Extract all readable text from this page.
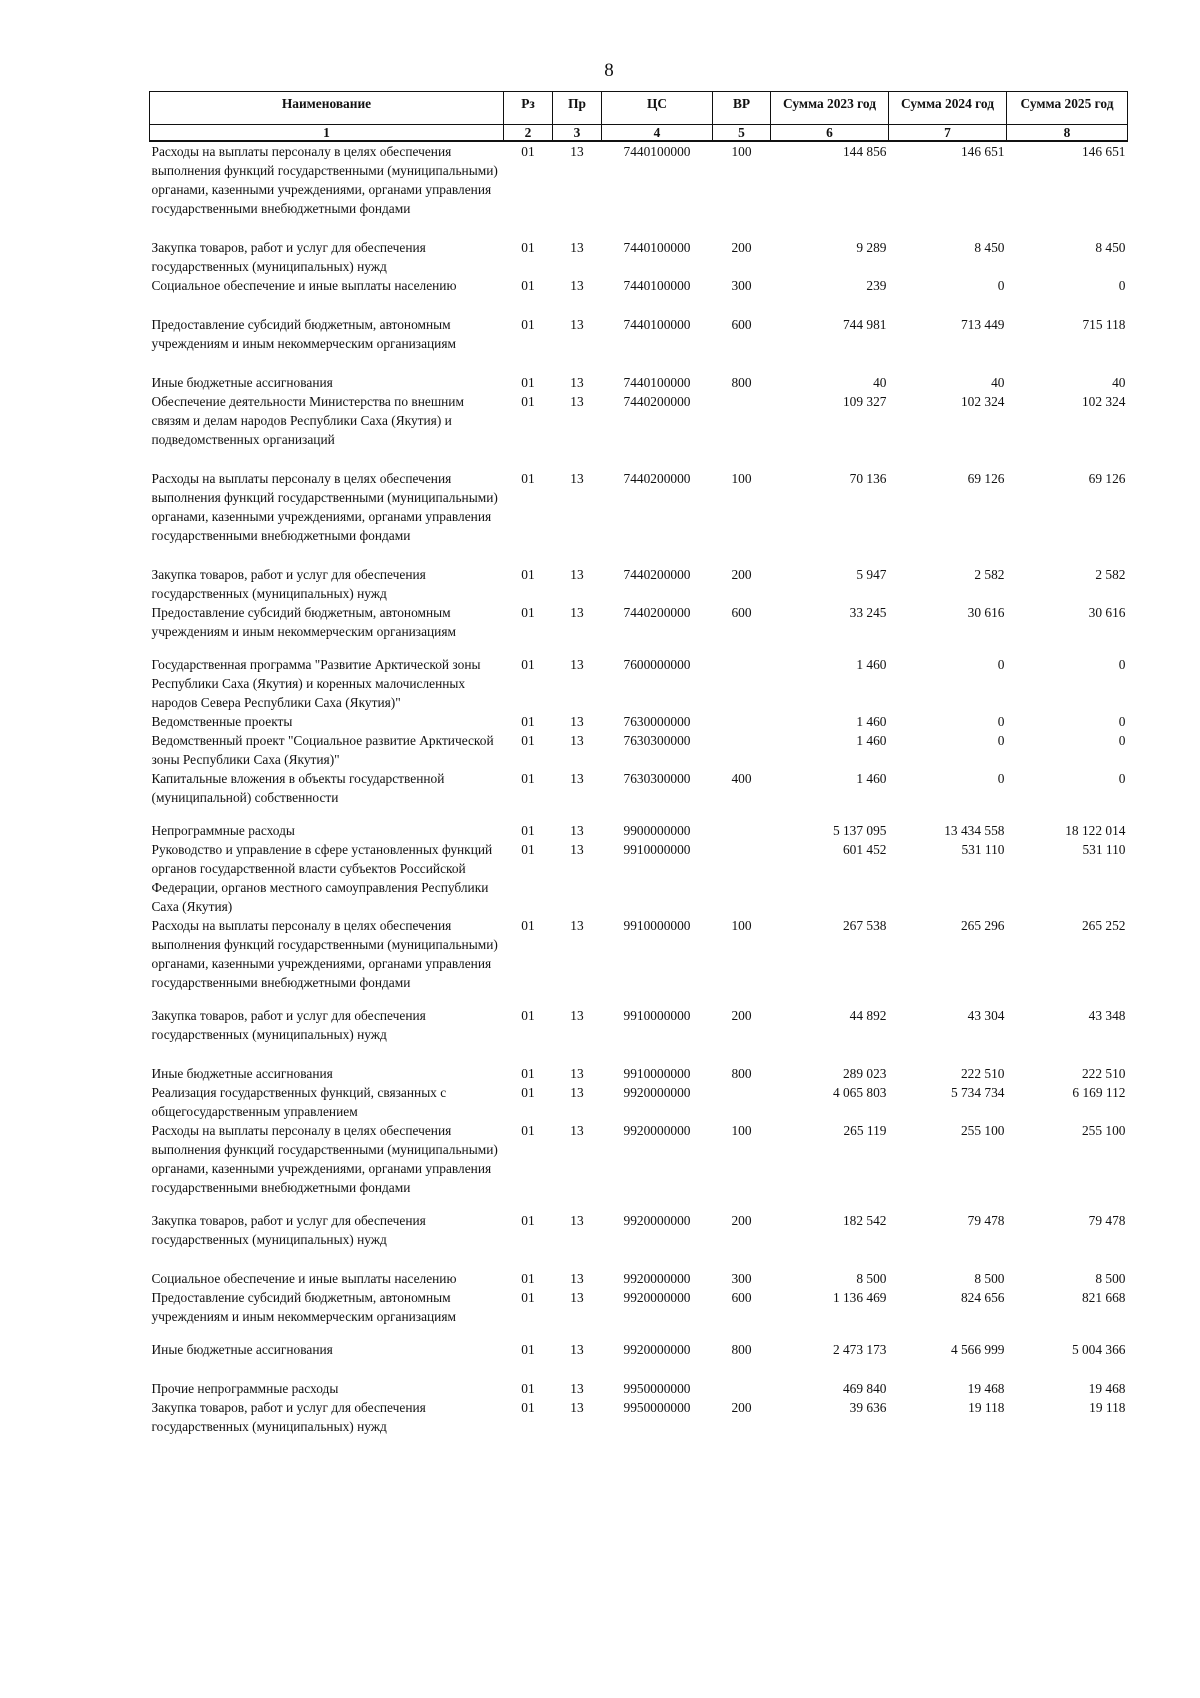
8
Наименование	Рз	Пр	ЦС	ВР	Сумма 2023 год	Сумма 2024 год	Сумма 2025 год
1	2	3	4	5	6	7	8
Расходы на выплаты персоналу в целях обеспечения выполнения функций государственными (муниципальными) органами, казенными учреждениями, органами управления государственными внебюджетными фондами	01	13	7440100000	100	144 856	146 651	146 651
Закупка товаров, работ и услуг для обеспечения государственных (муниципальных) нужд	01	13	7440100000	200	9 289	8 450	8 450
Социальное обеспечение и иные выплаты населению	01	13	7440100000	300	239	0	0
Предоставление субсидий бюджетным, автономным учреждениям и иным некоммерческим организациям	01	13	7440100000	600	744 981	713 449	715 118
Иные бюджетные ассигнования	01	13	7440100000	800	40	40	40
Обеспечение деятельности Министерства по внешним связям и делам народов Республики Саха (Якутия) и подведомственных организаций	01	13	7440200000		109 327	102 324	102 324
Расходы на выплаты персоналу в целях обеспечения выполнения функций государственными (муниципальными) органами, казенными учреждениями, органами управления государственными внебюджетными фондами	01	13	7440200000	100	70 136	69 126	69 126
Закупка товаров, работ и услуг для обеспечения государственных (муниципальных) нужд	01	13	7440200000	200	5 947	2 582	2 582
Предоставление субсидий бюджетным, автономным учреждениям и иным некоммерческим организациям	01	13	7440200000	600	33 245	30 616	30 616
Государственная программа "Развитие Арктической зоны Республики Саха (Якутия) и коренных малочисленных народов Севера Республики Саха (Якутия)"	01	13	7600000000		1 460	0	0
Ведомственные проекты	01	13	7630000000		1 460	0	0
Ведомственный проект "Социальное развитие Арктической зоны Республики Саха (Якутия)"	01	13	7630300000		1 460	0	0
Капитальные вложения в объекты государственной (муниципальной) собственности	01	13	7630300000	400	1 460	0	0
Непрограммные расходы	01	13	9900000000		5 137 095	13 434 558	18 122 014
Руководство и управление в сфере установленных функций органов государственной власти субъектов Российской Федерации, органов местного самоуправления Республики Саха (Якутия)	01	13	9910000000		601 452	531 110	531 110
Расходы на выплаты персоналу в целях обеспечения выполнения функций государственными (муниципальными) органами, казенными учреждениями, органами управления государственными внебюджетными фондами	01	13	9910000000	100	267 538	265 296	265 252
Закупка товаров, работ и услуг для обеспечения государственных (муниципальных) нужд	01	13	9910000000	200	44 892	43 304	43 348
Иные бюджетные ассигнования	01	13	9910000000	800	289 023	222 510	222 510
Реализация государственных функций, связанных с общегосударственным управлением	01	13	9920000000		4 065 803	5 734 734	6 169 112
Расходы на выплаты персоналу в целях обеспечения выполнения функций государственными (муниципальными) органами, казенными учреждениями, органами управления государственными внебюджетными фондами	01	13	9920000000	100	265 119	255 100	255 100
Закупка товаров, работ и услуг для обеспечения государственных (муниципальных) нужд	01	13	9920000000	200	182 542	79 478	79 478
Социальное обеспечение и иные выплаты населению	01	13	9920000000	300	8 500	8 500	8 500
Предоставление субсидий бюджетным, автономным учреждениям и иным некоммерческим организациям	01	13	9920000000	600	1 136 469	824 656	821 668
Иные бюджетные ассигнования	01	13	9920000000	800	2 473 173	4 566 999	5 004 366
Прочие непрограммные расходы	01	13	9950000000		469 840	19 468	19 468
Закупка товаров, работ и услуг для обеспечения государственных (муниципальных) нужд	01	13	9950000000	200	39 636	19 118	19 118
